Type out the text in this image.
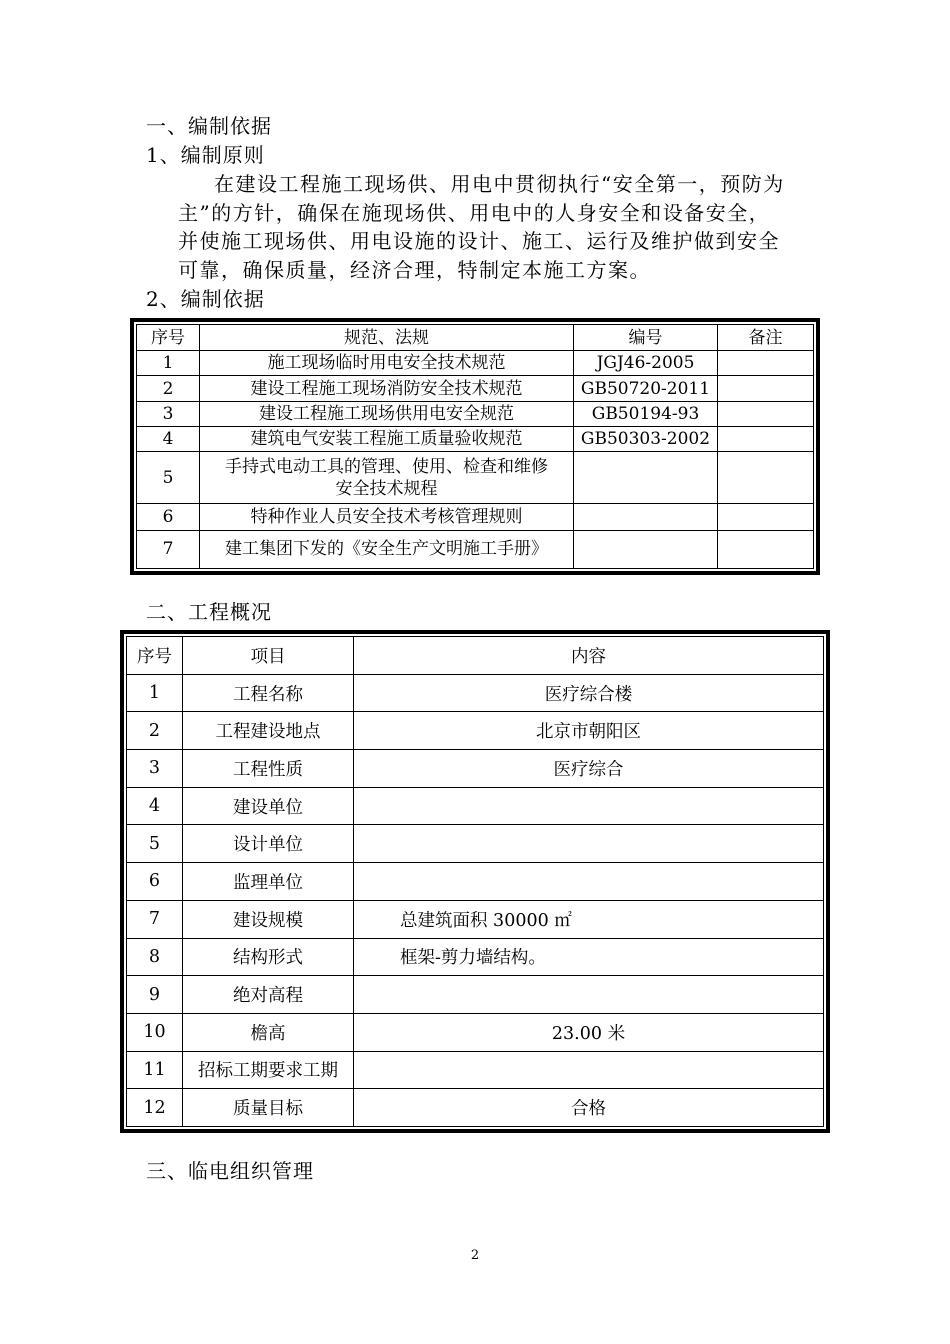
一、编制依据
1、编制原则
在建设工程施工现场供、用电中贯彻执行“安全第一，预防为
主”的方针，确保在施现场供、用电中的人身安全和设备安全，
并使施工现场供、用电设施的设计、施工、运行及维护做到安全
可靠，确保质量，经济合理，特制定本施工方案。
2、编制依据
序号	规范、法规	编号	备注
1	施工现场临时用电安全技术规范	JGJ46-2005	
2	建设工程施工现场消防安全技术规范	GB50720-2011	
3	建设工程施工现场供用电安全规范	GB50194-93	
4	建筑电气安装工程施工质量验收规范	GB50303-2002	
5	手持式电动工具的管理、使用、检查和维修
安全技术规程		

6	特种作业人员安全技术考核管理规则		

7	建工集团下发的《安全生产文明施工手册》		

二、工程概况
序号	项目	内容
1	工程名称	医疗综合楼
2	工程建设地点	北京市朝阳区
3	工程性质	医疗综合
4	建设单位	
5	设计单位	
6	监理单位	
7	建设规模	总建筑面积 30000 ㎡
8	结构形式	框架-剪力墙结构。
9	绝对高程	
10	檐高	23.00 米
11	招标工期要求工期	
12	质量目标	合格
三、临电组织管理
2
